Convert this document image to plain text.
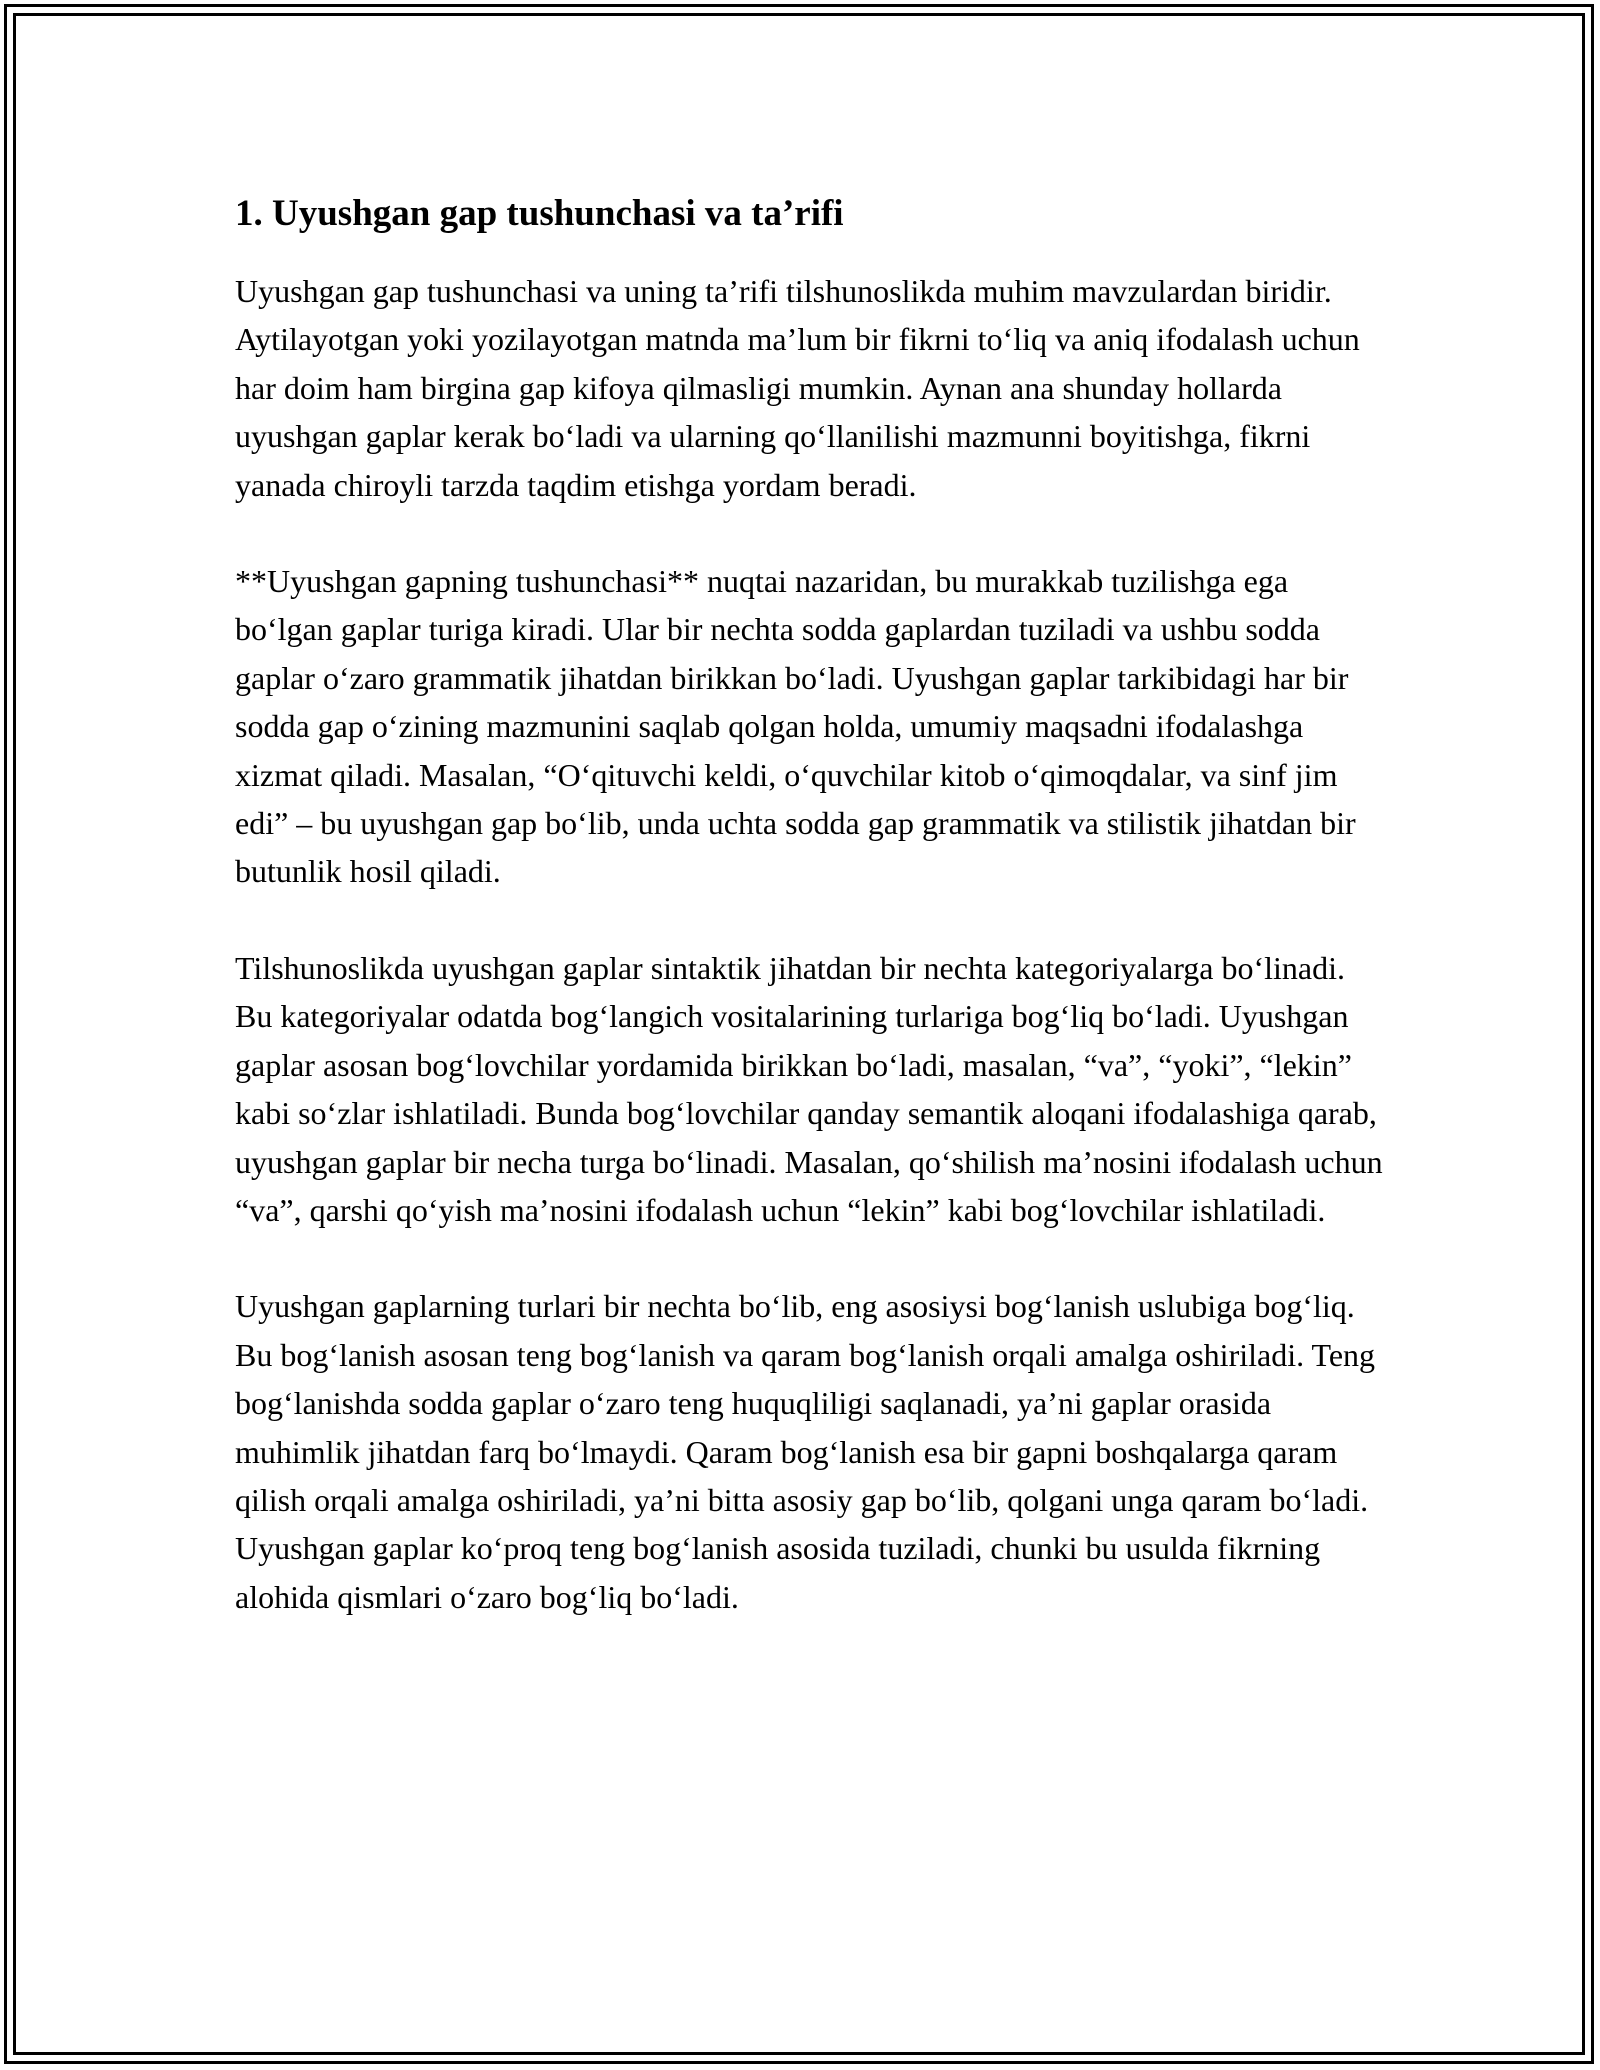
1. Uyushgan gap tushunchasi va ta’rifi

Uyushgan gap tushunchasi va uning ta’rifi tilshunoslikda muhim mavzulardan biridir. Aytilayotgan yoki yozilayotgan matnda ma’lum bir fikrni to‘liq va aniq ifodalash uchun har doim ham birgina gap kifoya qilmasligi mumkin. Aynan ana shunday hollarda uyushgan gaplar kerak bo‘ladi va ularning qo‘llanilishi mazmunni boyitishga, fikrni yanada chiroyli tarzda taqdim etishga yordam beradi.

**Uyushgan gapning tushunchasi** nuqtai nazaridan, bu murakkab tuzilishga ega bo‘lgan gaplar turiga kiradi. Ular bir nechta sodda gaplardan tuziladi va ushbu sodda gaplar o‘zaro grammatik jihatdan birikkan bo‘ladi. Uyushgan gaplar tarkibidagi har bir sodda gap o‘zining mazmunini saqlab qolgan holda, umumiy maqsadni ifodalashga xizmat qiladi. Masalan, “O‘qituvchi keldi, o‘quvchilar kitob o‘qimoqdalar, va sinf jim edi” – bu uyushgan gap bo‘lib, unda uchta sodda gap grammatik va stilistik jihatdan bir butunlik hosil qiladi.

Tilshunoslikda uyushgan gaplar sintaktik jihatdan bir nechta kategoriyalarga bo‘linadi. Bu kategoriyalar odatda bog‘langich vositalarining turlariga bog‘liq bo‘ladi. Uyushgan gaplar asosan bog‘lovchilar yordamida birikkan bo‘ladi, masalan, “va”, “yoki”, “lekin” kabi so‘zlar ishlatiladi. Bunda bog‘lovchilar qanday semantik aloqani ifodalashiga qarab, uyushgan gaplar bir necha turga bo‘linadi. Masalan, qo‘shilish ma’nosini ifodalash uchun “va”, qarshi qo‘yish ma’nosini ifodalash uchun “lekin” kabi bog‘lovchilar ishlatiladi.

Uyushgan gaplarning turlari bir nechta bo‘lib, eng asosiysi bog‘lanish uslubiga bog‘liq. Bu bog‘lanish asosan teng bog‘lanish va qaram bog‘lanish orqali amalga oshiriladi. Teng bog‘lanishda sodda gaplar o‘zaro teng huquqliligi saqlanadi, ya’ni gaplar orasida muhimlik jihatdan farq bo‘lmaydi. Qaram bog‘lanish esa bir gapni boshqalarga qaram qilish orqali amalga oshiriladi, ya’ni bitta asosiy gap bo‘lib, qolgani unga qaram bo‘ladi. Uyushgan gaplar ko‘proq teng bog‘lanish asosida tuziladi, chunki bu usulda fikrning alohida qismlari o‘zaro bog‘liq bo‘ladi.
